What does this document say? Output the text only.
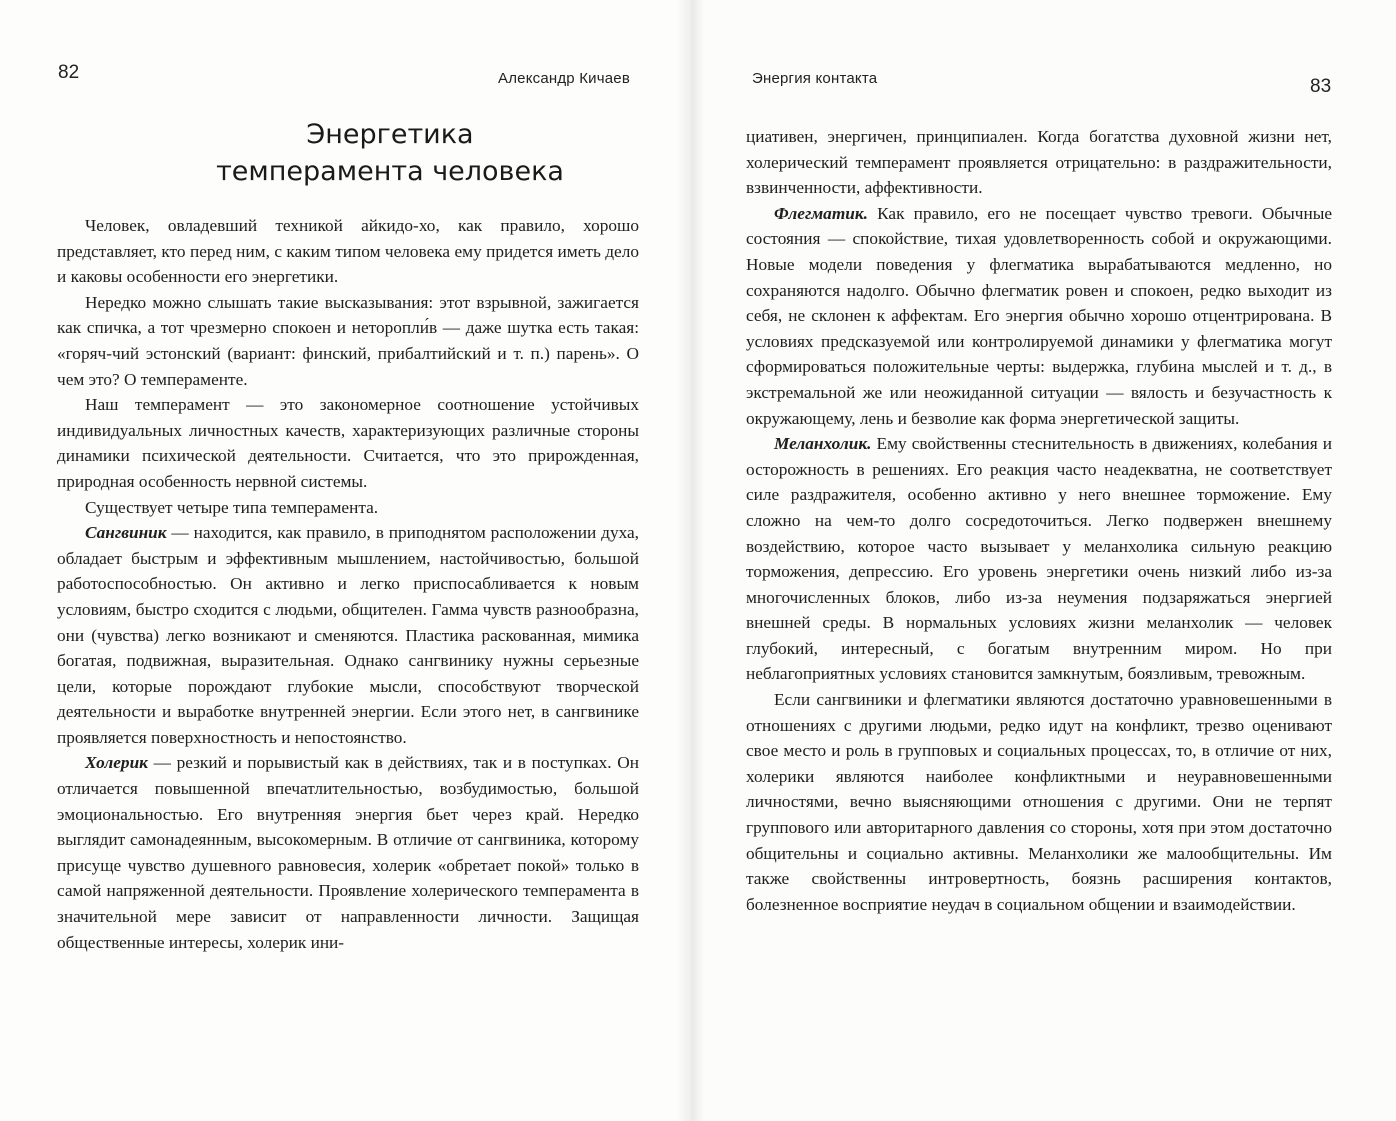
82	Александр Кичаев
Энергетика
темперамента человека

Человек, овладевший техникой айкидо-хо, как правило, хорошо представляет, кто перед ним, с каким типом человека ему придется иметь дело и каковы особенности его энергетики.

Нередко можно слышать такие высказывания: этот взрывной, зажигается как спичка, а тот чрезмерно спокоен и неторопли́в — даже шутка есть такая: «горяч-чий эстонский (вариант: финский, прибалтийский и т. п.) парень». О чем это? О темпераменте.

Наш темперамент — это закономерное соотношение устойчивых индивидуальных личностных качеств, характеризующих различные стороны динамики психической деятельности. Считается, что это прирожденная, природная особенность нервной системы.

Существует четыре типа темперамента.

Сангвиник — находится, как правило, в приподнятом расположении духа, обладает быстрым и эффективным мышлением, настойчивостью, большой работоспособностью. Он активно и легко приспосабливается к новым условиям, быстро сходится с людьми, общителен. Гамма чувств разнообразна, они (чувства) легко возникают и сменяются. Пластика раскованная, мимика богатая, подвижная, выразительная. Однако сангвинику нужны серьезные цели, которые порождают глубокие мысли, способствуют творческой деятельности и выработке внутренней энергии. Если этого нет, в сангвинике проявляется поверхностность и непостоянство.

Холерик — резкий и порывистый как в действиях, так и в поступках. Он отличается повышенной впечатлительностью, возбудимостью, большой эмоциональностью. Его внутренняя энергия бьет через край. Нередко выглядит самонадеянным, высокомерным. В отличие от сангвиника, которому присуще чувство душевного равновесия, холерик «обретает покой» только в самой напряженной деятельности. Проявление холерического темперамента в значительной мере зависит от направленности личности. Защищая общественные интересы, холерик ини-

Энергия контакта	83

циативен, энергичен, принципиален. Когда богатства духовной жизни нет, холерический темперамент проявляется отрицательно: в раздражительности, взвинченности, аффективности.

Флегматик. Как правило, его не посещает чувство тревоги. Обычные состояния — спокойствие, тихая удовлетворенность собой и окружающими. Новые модели поведения у флегматика вырабатываются медленно, но сохраняются надолго. Обычно флегматик ровен и спокоен, редко выходит из себя, не склонен к аффектам. Его энергия обычно хорошо отцентрирована. В условиях предсказуемой или контролируемой динамики у флегматика могут сформироваться положительные черты: выдержка, глубина мыслей и т. д., в экстремальной же или неожиданной ситуации — вялость и безучастность к окружающему, лень и безволие как форма энергетической защиты.

Меланхолик. Ему свойственны стеснительность в движениях, колебания и осторожность в решениях. Его реакция часто неадекватна, не соответствует силе раздражителя, особенно активно у него внешнее торможение. Ему сложно на чем-то долго сосредоточиться. Легко подвержен внешнему воздействию, которое часто вызывает у меланхолика сильную реакцию торможения, депрессию. Его уровень энергетики очень низкий либо из-за многочисленных блоков, либо из-за неумения подзаряжаться энергией внешней среды. В нормальных условиях жизни меланхолик — человек глубокий, интересный, с богатым внутренним миром. Но при неблагоприятных условиях становится замкнутым, боязливым, тревожным.

Если сангвиники и флегматики являются достаточно уравновешенными в отношениях с другими людьми, редко идут на конфликт, трезво оценивают свое место и роль в групповых и социальных процессах, то, в отличие от них, холерики являются наиболее конфликтными и неуравновешенными личностями, вечно выясняющими отношения с другими. Они не терпят группового или авторитарного давления со стороны, хотя при этом достаточно общительны и социально активны. Меланхолики же малообщительны. Им также свойственны интровертность, боязнь расширения контактов, болезненное восприятие неудач в социальном общении и взаимодействии.
